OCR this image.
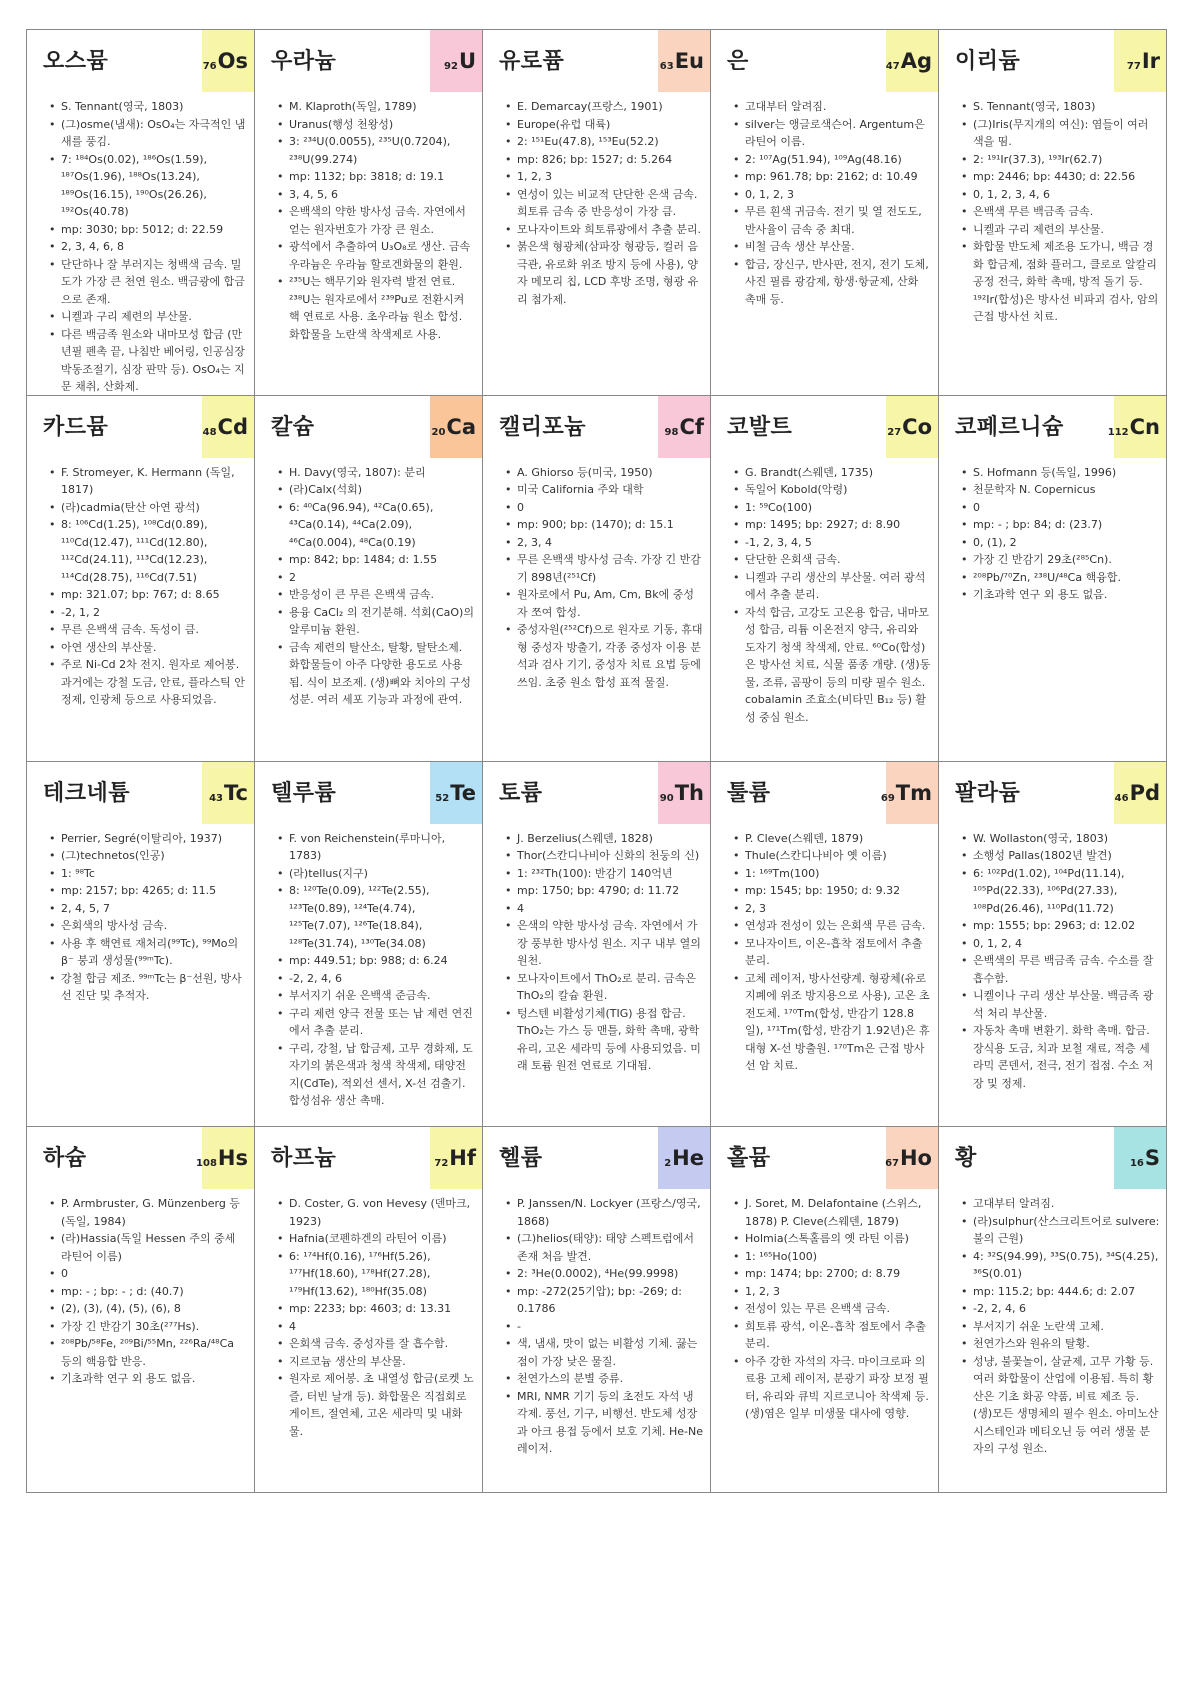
오스뮴	76 Os
• S. Tennant(영국, 1803)
• (그)osme(냄새): OsO₄는 자극적인 냄새를 풍김.
• 7: ¹⁸⁴Os(0.02), ¹⁸⁶Os(1.59), ¹⁸⁷Os(1.96), ¹⁸⁸Os(13.24), ¹⁸⁹Os(16.15), ¹⁹⁰Os(26.26), ¹⁹²Os(40.78)
• mp: 3030; bp: 5012; d: 22.59
• 2, 3, 4, 6, 8
• 단단하나 잘 부러지는 청백색 금속. 밀도가 가장 큰 천연 원소. 백금광에 합금으로 존재.
• 니켈과 구리 제련의 부산물.
• 다른 백금족 원소와 내마모성 합금 (만년필 펜촉 끝, 나침반 베어링, 인공심장 박동조절기, 심장 판막 등). OsO₄는 지문 채취, 산화제.
우라늄	92 U
• M. Klaproth(독일, 1789)
• Uranus(행성 천왕성)
• 3: ²³⁴U(0.0055), ²³⁵U(0.7204), ²³⁸U(99.274)
• mp: 1132; bp: 3818; d: 19.1
• 3, 4, 5, 6
• 은백색의 약한 방사성 금속. 자연에서 얻는 원자번호가 가장 큰 원소.
• 광석에서 추출하여 U₃O₈로 생산. 금속 우라늄은 우라늄 할로겐화물의 환원.
• ²³⁵U는 핵무기와 원자력 발전 연료. ²³⁸U는 원자로에서 ²³⁹Pu로 전환시켜 핵 연료로 사용. 초우라늄 원소 합성. 화합물을 노란색 착색제로 사용.
유로퓸	63 Eu
• E. Demarcay(프랑스, 1901)
• Europe(유럽 대륙)
• 2: ¹⁵¹Eu(47.8), ¹⁵³Eu(52.2)
• mp: 826; bp: 1527; d: 5.264
• 1, 2, 3
• 연성이 있는 비교적 단단한 은색 금속. 희토류 금속 중 반응성이 가장 큼.
• 모나자이트와 희토류광에서 추출 분리.
• 붉은색 형광체(삼파장 형광등, 컬러 음극관, 유로화 위조 방지 등에 사용), 양자 메모리 칩, LCD 후방 조명, 형광 유리 첨가제.
은	47 Ag
• 고대부터 알려짐.
• silver는 앵글로색슨어. Argentum은 라틴어 이름.
• 2: ¹⁰⁷Ag(51.94), ¹⁰⁹Ag(48.16)
• mp: 961.78; bp: 2162; d: 10.49
• 0, 1, 2, 3
• 무른 흰색 귀금속. 전기 및 열 전도도, 반사율이 금속 중 최대.
• 비철 금속 생산 부산물.
• 합금, 장신구, 반사판, 전지, 전기 도체, 사진 필름 광감제, 항생·항균제, 산화 촉매 등.
이리듐	77 Ir
• S. Tennant(영국, 1803)
• (그)Iris(무지개의 여신): 염들이 여러 색을 띰.
• 2: ¹⁹¹Ir(37.3), ¹⁹³Ir(62.7)
• mp: 2446; bp: 4430; d: 22.56
• 0, 1, 2, 3, 4, 6
• 은백색 무른 백금족 금속.
• 니켈과 구리 제련의 부산물.
• 화합물 반도체 제조용 도가니, 백금 경화 합금제, 점화 플러그, 클로로 알칼리 공정 전극, 화학 촉매, 방적 돌기 등. ¹⁹²Ir(합성)은 방사선 비파괴 검사, 암의 근접 방사선 치료.
카드뮴	48 Cd
• F. Stromeyer, K. Hermann (독일, 1817)
• (라)cadmia(탄산 아연 광석)
• 8: ¹⁰⁶Cd(1.25), ¹⁰⁸Cd(0.89), ¹¹⁰Cd(12.47), ¹¹¹Cd(12.80), ¹¹²Cd(24.11), ¹¹³Cd(12.23), ¹¹⁴Cd(28.75), ¹¹⁶Cd(7.51)
• mp: 321.07; bp: 767; d: 8.65
• -2, 1, 2
• 무른 은백색 금속. 독성이 큼.
• 아연 생산의 부산물.
• 주로 Ni-Cd 2차 전지. 원자로 제어봉. 과거에는 강철 도금, 안료, 플라스틱 안정제, 인광체 등으로 사용되었음.
칼슘	20 Ca
• H. Davy(영국, 1807): 분리
• (라)Calx(석회)
• 6: ⁴⁰Ca(96.94), ⁴²Ca(0.65), ⁴³Ca(0.14), ⁴⁴Ca(2.09), ⁴⁶Ca(0.004), ⁴⁸Ca(0.19)
• mp: 842; bp: 1484; d: 1.55
• 2
• 반응성이 큰 무른 은백색 금속.
• 용융 CaCl₂ 의 전기분해. 석회(CaO)의 알루미늄 환원.
• 금속 제련의 탈산소, 탈황, 탈탄소제. 화합물들이 아주 다양한 용도로 사용됨. 식이 보조제. (생)뼈와 치아의 구성 성분. 여러 세포 기능과 과정에 관여.
캘리포늄	98 Cf
• A. Ghiorso 등(미국, 1950)
• 미국 California 주와 대학
• 0
• mp: 900; bp: (1470); d: 15.1
• 2, 3, 4
• 무른 은백색 방사성 금속. 가장 긴 반감기 898년(²⁵¹Cf)
• 원자로에서 Pu, Am, Cm, Bk에 중성자 쪼여 합성.
• 중성자원(²⁵²Cf)으로 원자로 기동, 휴대형 중성자 방출기, 각종 중성자 이용 분석과 검사 기기, 중성자 치료 요법 등에 쓰임. 초중 원소 합성 표적 물질.
코발트	27 Co
• G. Brandt(스웨덴, 1735)
• 독일어 Kobold(악령)
• 1: ⁵⁹Co(100)
• mp: 1495; bp: 2927; d: 8.90
• -1, 2, 3, 4, 5
• 단단한 은회색 금속.
• 니켈과 구리 생산의 부산물. 여러 광석에서 추출 분리.
• 자석 합금, 고강도 고온용 합금, 내마모성 합금, 리튬 이온전지 양극, 유리와 도자기 청색 착색제, 안료. ⁶⁰Co(합성)은 방사선 치료, 식물 품종 개량. (생)동물, 조류, 곰팡이 등의 미량 필수 원소. cobalamin 조효소(비타민 B₁₂ 등) 활성 중심 원소.
코페르니슘	112 Cn
• S. Hofmann 등(독일, 1996)
• 천문학자 N. Copernicus
• 0
• mp: - ; bp: 84; d: (23.7)
• 0, (1), 2
• 가장 긴 반감기 29초(²⁸⁵Cn).
• ²⁰⁸Pb/⁷⁰Zn, ²³⁸U/⁴⁸Ca 핵융합.
• 기초과학 연구 외 용도 없음.
테크네튬	43 Tc
• Perrier, Segré(이탈리아, 1937)
• (그)technetos(인공)
• 1: ⁹⁸Tc
• mp: 2157; bp: 4265; d: 11.5
• 2, 4, 5, 7
• 은회색의 방사성 금속.
• 사용 후 핵연료 재처리(⁹⁹Tc), ⁹⁹Mo의 β⁻ 붕괴 생성물(⁹⁹ᵐTc).
• 강철 합금 제조. ⁹⁹ᵐTc는 β⁻선원, 방사선 진단 및 추적자.
텔루륨	52 Te
• F. von Reichenstein(루마니아, 1783)
• (라)tellus(지구)
• 8: ¹²⁰Te(0.09), ¹²²Te(2.55), ¹²³Te(0.89), ¹²⁴Te(4.74), ¹²⁵Te(7.07), ¹²⁶Te(18.84), ¹²⁸Te(31.74), ¹³⁰Te(34.08)
• mp: 449.51; bp: 988; d: 6.24
• -2, 2, 4, 6
• 부서지기 쉬운 은백색 준금속.
• 구리 제련 양극 전물 또는 납 제련 연진에서 추출 분리.
• 구리, 강철, 납 합금제, 고무 경화제, 도자기의 붉은색과 청색 착색제, 태양전지(CdTe), 적외선 센서, X-선 검출기. 합성섬유 생산 촉매.
토륨	90 Th
• J. Berzelius(스웨덴, 1828)
• Thor(스칸디나비아 신화의 천둥의 신)
• 1: ²³²Th(100): 반감기 140억년
• mp: 1750; bp: 4790; d: 11.72
• 4
• 은색의 약한 방사성 금속. 자연에서 가장 풍부한 방사성 원소. 지구 내부 열의 원천.
• 모나자이트에서 ThO₂로 분리. 금속은 ThO₂의 칼슘 환원.
• 텅스텐 비활성기체(TIG) 용접 합금. ThO₂는 가스 등 맨틀, 화학 촉매, 광학 유리, 고온 세라믹 등에 사용되었음. 미래 토륨 원전 연료로 기대됨.
툴륨	69 Tm
• P. Cleve(스웨덴, 1879)
• Thule(스칸디나비아 옛 이름)
• 1: ¹⁶⁹Tm(100)
• mp: 1545; bp: 1950; d: 9.32
• 2, 3
• 연성과 전성이 있는 은회색 무른 금속.
• 모나자이트, 이온-흡착 점토에서 추출 분리.
• 고체 레이저, 방사선량계. 형광체(유로 지폐에 위조 방지용으로 사용), 고온 초전도체. ¹⁷⁰Tm(합성, 반감기 128.8일), ¹⁷¹Tm(합성, 반감기 1.92년)은 휴대형 X-선 방출원. ¹⁷⁰Tm은 근접 방사선 암 치료.
팔라듐	46 Pd
• W. Wollaston(영국, 1803)
• 소행성 Pallas(1802년 발견)
• 6: ¹⁰²Pd(1.02), ¹⁰⁴Pd(11.14), ¹⁰⁵Pd(22.33), ¹⁰⁶Pd(27.33), ¹⁰⁸Pd(26.46), ¹¹⁰Pd(11.72)
• mp: 1555; bp: 2963; d: 12.02
• 0, 1, 2, 4
• 은백색의 무른 백금족 금속. 수소를 잘 흡수함.
• 니켈이나 구리 생산 부산물. 백금족 광석 처리 부산물.
• 자동차 촉매 변환기. 화학 촉매. 합금. 장식용 도금, 치과 보철 재료, 적층 세라믹 콘덴서, 전극, 전기 접점. 수소 저장 및 정제.
하슘	108 Hs
• P. Armbruster, G. Münzenberg 등 (독일, 1984)
• (라)Hassia(독일 Hessen 주의 중세 라틴어 이름)
• 0
• mp: - ; bp: - ; d: (40.7)
• (2), (3), (4), (5), (6), 8
• 가장 긴 반감기 30초(²⁷⁷Hs).
• ²⁰⁸Pb/⁵⁸Fe, ²⁰⁹Bi/⁵⁵Mn, ²²⁶Ra/⁴⁸Ca 등의 핵융합 반응.
• 기초과학 연구 외 용도 없음.
하프늄	72 Hf
• D. Coster, G. von Hevesy (덴마크, 1923)
• Hafnia(코펜하겐의 라틴어 이름)
• 6: ¹⁷⁴Hf(0.16), ¹⁷⁶Hf(5.26), ¹⁷⁷Hf(18.60), ¹⁷⁸Hf(27.28), ¹⁷⁹Hf(13.62), ¹⁸⁰Hf(35.08)
• mp: 2233; bp: 4603; d: 13.31
• 4
• 은회색 금속. 중성자를 잘 흡수함.
• 지르코늄 생산의 부산물.
• 원자로 제어봉. 초 내열성 합금(로켓 노즐, 터빈 날개 등). 화합물은 직접회로 게이트, 절연체, 고온 세라믹 및 내화물.
헬륨	2 He
• P. Janssen/N. Lockyer (프랑스/영국, 1868)
• (그)helios(태양): 태양 스펙트럼에서 존재 처음 발견.
• 2: ³He(0.0002), ⁴He(99.9998)
• mp: -272(25기압); bp: -269; d: 0.1786
• -
• 색, 냄새, 맛이 없는 비활성 기체. 끓는점이 가장 낮은 물질.
• 천연가스의 분별 증류.
• MRI, NMR 기기 등의 초전도 자석 냉각제. 풍선, 기구, 비행선. 반도체 성장과 아크 용접 등에서 보호 기체. He-Ne 레이저.
홀뮴	67 Ho
• J. Soret, M. Delafontaine (스위스, 1878) P. Cleve(스웨덴, 1879)
• Holmia(스톡홀름의 옛 라틴 이름)
• 1: ¹⁶⁵Ho(100)
• mp: 1474; bp: 2700; d: 8.79
• 1, 2, 3
• 전성이 있는 무른 은백색 금속.
• 희토류 광석, 이온-흡착 점토에서 추출 분리.
• 아주 강한 자석의 자극. 마이크로파 의료용 고체 레이저, 분광기 파장 보정 필터, 유리와 큐빅 지르코니아 착색제 등. (생)염은 일부 미생물 대사에 영향.
황	16 S
• 고대부터 알려짐.
• (라)sulphur(산스크리트어로 sulvere: 불의 근원)
• 4: ³²S(94.99), ³³S(0.75), ³⁴S(4.25), ³⁶S(0.01)
• mp: 115.2; bp: 444.6; d: 2.07
• -2, 2, 4, 6
• 부서지기 쉬운 노란색 고체.
• 천연가스와 원유의 탈황.
• 성냥, 불꽃놀이, 살균제, 고무 가황 등. 여러 화합물이 산업에 이용됨. 특히 황산은 기초 화공 약품, 비료 제조 등. (생)모든 생명체의 필수 원소. 아미노산 시스테인과 메티오닌 등 여러 생물 분자의 구성 원소.
